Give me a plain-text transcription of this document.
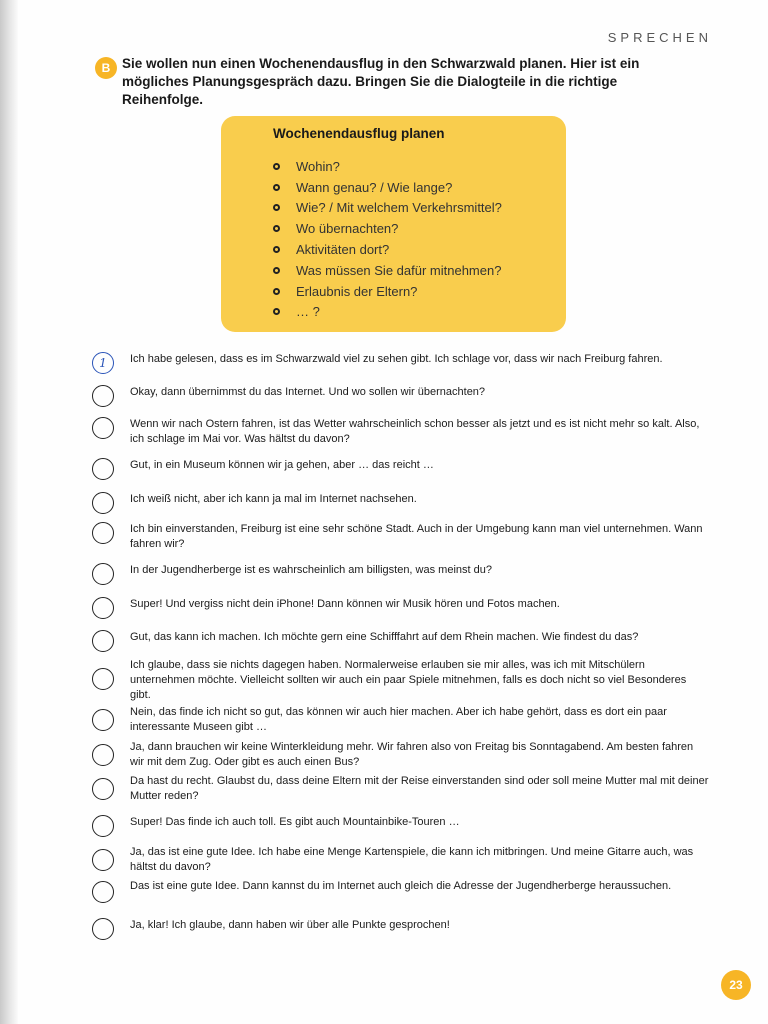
SPRECHEN
B Sie wollen nun einen Wochenendausflug in den Schwarzwald planen. Hier ist ein mögliches Planungsgespräch dazu. Bringen Sie die Dialogteile in die richtige Reihenfolge.
Wochenendausflug planen
Wohin?
Wann genau? / Wie lange?
Wie? / Mit welchem Verkehrsmittel?
Wo übernachten?
Aktivitäten dort?
Was müssen Sie dafür mitnehmen?
Erlaubnis der Eltern?
… ?
1	Ich habe gelesen, dass es im Schwarzwald viel zu sehen gibt. Ich schlage vor, dass wir nach Freiburg fahren.
Okay, dann übernimmst du das Internet. Und wo sollen wir übernachten?
Wenn wir nach Ostern fahren, ist das Wetter wahrscheinlich schon besser als jetzt und es ist nicht mehr so kalt. Also, ich schlage im Mai vor. Was hältst du davon?
Gut, in ein Museum können wir ja gehen, aber … das reicht …
Ich weiß nicht, aber ich kann ja mal im Internet nachsehen.
Ich bin einverstanden, Freiburg ist eine sehr schöne Stadt. Auch in der Umgebung kann man viel unternehmen. Wann fahren wir?
In der Jugendherberge ist es wahrscheinlich am billigsten, was meinst du?
Super! Und vergiss nicht dein iPhone! Dann können wir Musik hören und Fotos machen.
Gut, das kann ich machen. Ich möchte gern eine Schifffahrt auf dem Rhein machen. Wie findest du das?
Ich glaube, dass sie nichts dagegen haben. Normalerweise erlauben sie mir alles, was ich mit Mitschülern unternehmen möchte. Vielleicht sollten wir auch ein paar Spiele mitnehmen, falls es doch nicht so viel Besonderes gibt.
Nein, das finde ich nicht so gut, das können wir auch hier machen. Aber ich habe gehört, dass es dort ein paar interessante Museen gibt …
Ja, dann brauchen wir keine Winterkleidung mehr. Wir fahren also von Freitag bis Sonntagabend. Am besten fahren wir mit dem Zug. Oder gibt es auch einen Bus?
Da hast du recht. Glaubst du, dass deine Eltern mit der Reise einverstanden sind oder soll meine Mutter mal mit deiner Mutter reden?
Super! Das finde ich auch toll. Es gibt auch Mountainbike-Touren …
Ja, das ist eine gute Idee. Ich habe eine Menge Kartenspiele, die kann ich mitbringen. Und meine Gitarre auch, was hältst du davon?
Das ist eine gute Idee. Dann kannst du im Internet auch gleich die Adresse der Jugendherberge heraussuchen.
Ja, klar! Ich glaube, dann haben wir über alle Punkte gesprochen!
23
